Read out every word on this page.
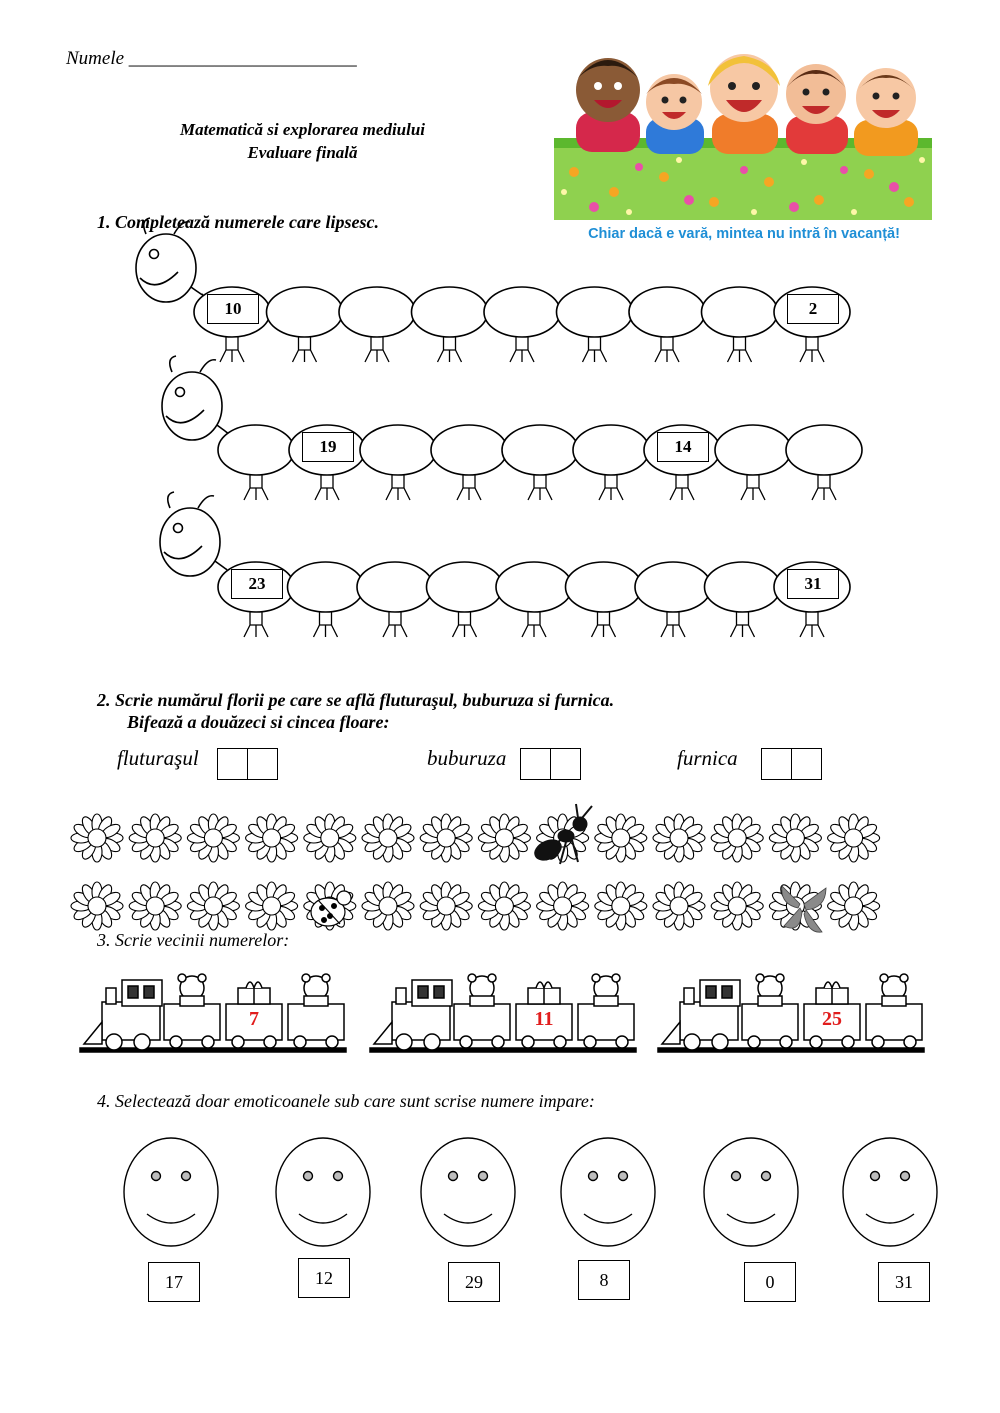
Numele ________________________
Matematică si explorarea mediului
Evaluare finală
Chiar dacă e vară, mintea nu intră în vacanță!
1. Completează numerele care lipsesc.
10	2
19	14
23	31
2. Scrie numărul florii pe care se află fluturaşul, buburuza si furnica.
Bifează a douăzeci si cincea floare:
fluturaşul	buburuza	furnica
3. Scrie vecinii numerelor:
7	11	25
4. Selectează doar emoticoanele sub care sunt scrise numere impare:
17	12	29	8	0	31
